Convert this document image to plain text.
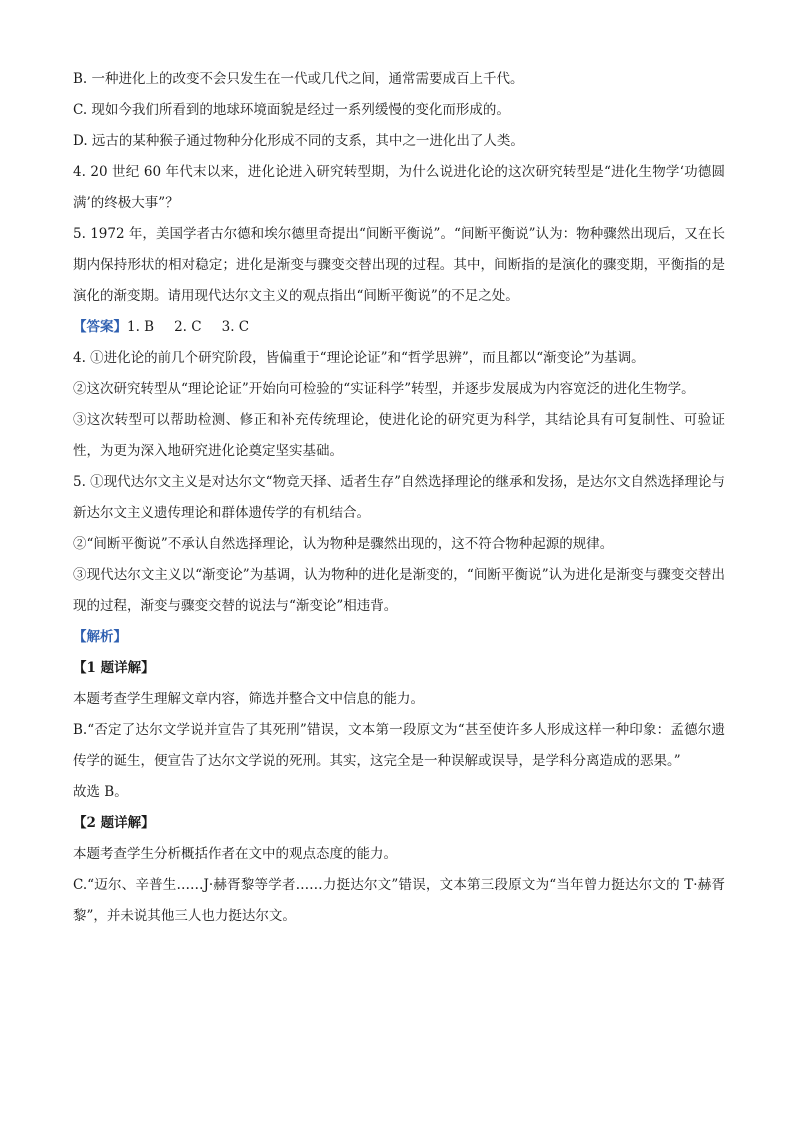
B. 一种进化上的改变不会只发生在一代或几代之间，通常需要成百上千代。

C. 现如今我们所看到的地球环境面貌是经过一系列缓慢的变化而形成的。

D. 远古的某种猴子通过物种分化形成不同的支系，其中之一进化出了人类。

4. 20 世纪 60 年代末以来，进化论进入研究转型期，为什么说进化论的这次研究转型是“进化生物学‘功德圆满’的终极大事”？

5. 1972 年，美国学者古尔德和埃尔德里奇提出“间断平衡说”。“间断平衡说”认为：物种骤然出现后，又在长期内保持形状的相对稳定；进化是渐变与骤变交替出现的过程。其中，间断指的是演化的骤变期，平衡指的是演化的渐变期。请用现代达尔文主义的观点指出“间断平衡说”的不足之处。

【答案】1. B 2. C 3. C

4. ①进化论的前几个研究阶段，皆偏重于“理论论证”和“哲学思辨”，而且都以“渐变论”为基调。

②这次研究转型从“理论论证”开始向可检验的“实证科学”转型，并逐步发展成为内容宽泛的进化生物学。

③这次转型可以帮助检测、修正和补充传统理论，使进化论的研究更为科学，其结论具有可复制性、可验证性，为更为深入地研究进化论奠定坚实基础。

5. ①现代达尔文主义是对达尔文“物竞天择、适者生存”自然选择理论的继承和发扬，是达尔文自然选择理论与新达尔文主义遗传理论和群体遗传学的有机结合。

②“间断平衡说”不承认自然选择理论，认为物种是骤然出现的，这不符合物种起源的规律。

③现代达尔文主义以“渐变论”为基调，认为物种的进化是渐变的，“间断平衡说”认为进化是渐变与骤变交替出现的过程，渐变与骤变交替的说法与“渐变论”相违背。

【解析】

【1 题详解】

本题考查学生理解文章内容，筛选并整合文中信息的能力。

B.“否定了达尔文学说并宣告了其死刑”错误，文本第一段原文为“甚至使许多人形成这样一种印象：孟德尔遗传学的诞生，便宣告了达尔文学说的死刑。其实，这完全是一种误解或误导，是学科分离造成的恶果。”

故选 B。

【2 题详解】

本题考查学生分析概括作者在文中的观点态度的能力。

C.“迈尔、辛普生……J·赫胥黎等学者……力挺达尔文”错误，文本第三段原文为“当年曾力挺达尔文的 T·赫胥黎”，并未说其他三人也力挺达尔文。
